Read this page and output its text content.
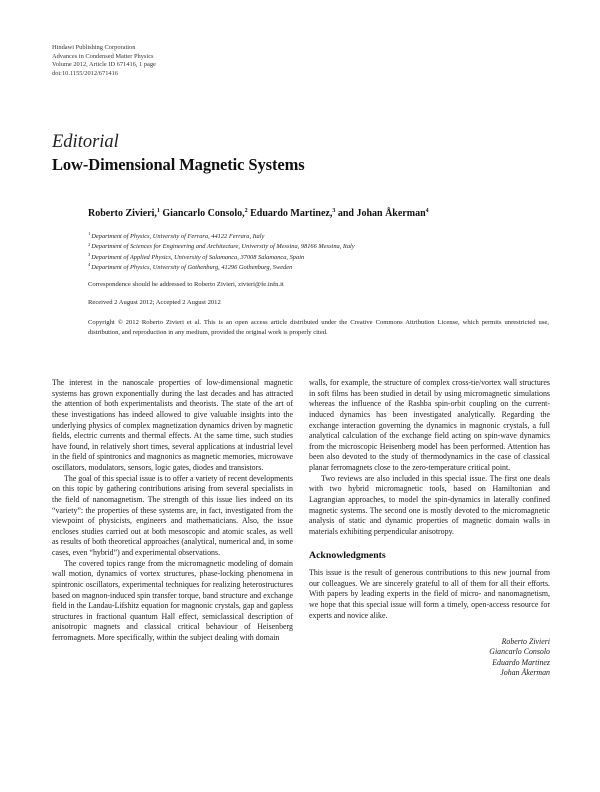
Hindawi Publishing Corporation
Advances in Condensed Matter Physics
Volume 2012, Article ID 671416, 1 page
doi:10.1155/2012/671416
Editorial
Low-Dimensional Magnetic Systems
Roberto Zivieri,$^1$ Giancarlo Consolo,$^2$ Eduardo Martinez,$^3$ and Johan Åkerman$^4$
$^1$Department of Physics, University of Ferrara, 44122 Ferrara, Italy
$^2$Department of Sciences for Engineering and Architecture, University of Messina, 98166 Messina, Italy
$^3$Department of Applied Physics, University of Salamanca, 37008 Salamanca, Spain
$^4$Department of Physics, University of Gothenburg, 41296 Gothenburg, Sweden
Correspondence should be addressed to Roberto Zivieri, zivieri@fe.infn.it
Received 2 August 2012; Accepted 2 August 2012
Copyright © 2012 Roberto Zivieri et al. This is an open access article distributed under the Creative Commons Attribution License, which permits unrestricted use, distribution, and reproduction in any medium, provided the original work is properly cited.

The interest in the nanoscale properties of low-dimensional magnetic systems has grown exponentially during the last decades and has attracted the attention of both experimentalists and theorists. The state of the art of these investigations has indeed allowed to give valuable insights into the underlying physics of complex magnetization dynamics driven by magnetic fields, electric currents and thermal effects. At the same time, such studies have found, in relatively short times, several applications at industrial level in the field of spintronics and magnonics as magnetic memories, microwave oscillators, modulators, sensors, logic gates, diodes and transistors.

The goal of this special issue is to offer a variety of recent developments on this topic by gathering contributions arising from several specialists in the field of nanomagnetism. The strength of this issue lies indeed on its “variety”: the properties of these systems are, in fact, investigated from the viewpoint of physicists, engineers and mathematicians. Also, the issue encloses studies carried out at both mesoscopic and atomic scales, as well as results of both theoretical approaches (analytical, numerical and, in some cases, even “hybrid”) and experimental observations.

The covered topics range from the micromagnetic modeling of domain wall motion, dynamics of vortex structures, phase-locking phenomena in spintronic oscillators, experimental techniques for realizing heterostructures based on magnon-induced spin transfer torque, band structure and exchange field in the Landau-Lifshitz equation for magnonic crystals, gap and gapless structures in fractional quantum Hall effect, semiclassical description of anisotropic magnets and classical critical behaviour of Heisenberg ferromagnets. More specifically, within the subject dealing with domain

walls, for example, the structure of complex cross-tie/vortex wall structures in soft films has been studied in detail by using micromagnetic simulations whereas the influence of the Rashba spin-orbit coupling on the current-induced dynamics has been investigated analytically. Regarding the exchange interaction governing the dynamics in magnonic crystals, a full analytical calculation of the exchange field acting on spin-wave dynamics from the microscopic Heisenberg model has been performed. Attention has been also devoted to the study of thermodynamics in the case of classical planar ferromagnets close to the zero-temperature critical point.

Two reviews are also included in this special issue. The first one deals with two hybrid micromagnetic tools, based on Hamiltonian and Lagrangian approaches, to model the spin-dynamics in laterally confined magnetic systems. The second one is mostly devoted to the micromagnetic analysis of static and dynamic properties of magnetic domain walls in materials exhibiting perpendicular anisotropy.

Acknowledgments

This issue is the result of generous contributions to this new journal from our colleagues. We are sincerely grateful to all of them for all their efforts. With papers by leading experts in the field of micro- and nanomagnetism, we hope that this special issue will form a timely, open-access resource for experts and novice alike.

Roberto Zivieri
Giancarlo Consolo
Eduardo Martinez
Johan Åkerman
